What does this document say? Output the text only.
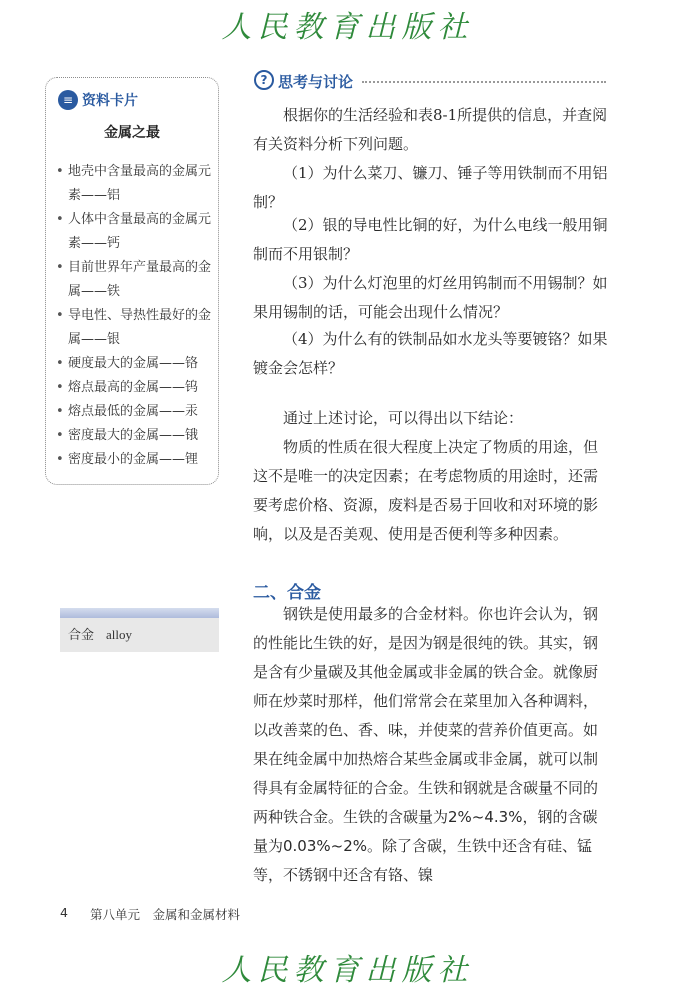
人民教育出版社
≡ 资料卡片
金属之最
• 地壳中含量最高的金属元素——铝
• 人体中含量最高的金属元素——钙
• 目前世界年产量最高的金属——铁
• 导电性、导热性最好的金属——银
• 硬度最大的金属——铬
• 熔点最高的金属——钨
• 熔点最低的金属——汞
• 密度最大的金属——锇
• 密度最小的金属——锂
合金 alloy
? 思考与讨论

根据你的生活经验和表8-1所提供的信息，并查阅有关资料分析下列问题。

（1）为什么菜刀、镰刀、锤子等用铁制而不用铝制？

（2）银的导电性比铜的好，为什么电线一般用铜制而不用银制？

（3）为什么灯泡里的灯丝用钨制而不用锡制？如果用锡制的话，可能会出现什么情况？

（4）为什么有的铁制品如水龙头等要镀铬？如果镀金会怎样？

通过上述讨论，可以得出以下结论：

物质的性质在很大程度上决定了物质的用途，但这不是唯一的决定因素；在考虑物质的用途时，还需要考虑价格、资源，废料是否易于回收和对环境的影响，以及是否美观、使用是否便利等多种因素。

二、合金

钢铁是使用最多的合金材料。你也许会认为，钢的性能比生铁的好，是因为钢是很纯的铁。其实，钢是含有少量碳及其他金属或非金属的铁合金。就像厨师在炒菜时那样，他们常常会在菜里加入各种调料，以改善菜的色、香、味，并使菜的营养价值更高。如果在纯金属中加热熔合某些金属或非金属，就可以制得具有金属特征的合金。生铁和钢就是含碳量不同的两种铁合金。生铁的含碳量为2%~4.3%，钢的含碳量为0.03%~2%。除了含碳，生铁中还含有硅、锰等，不锈钢中还含有铬、镍

4 第八单元　金属和金属材料
人民教育出版社
